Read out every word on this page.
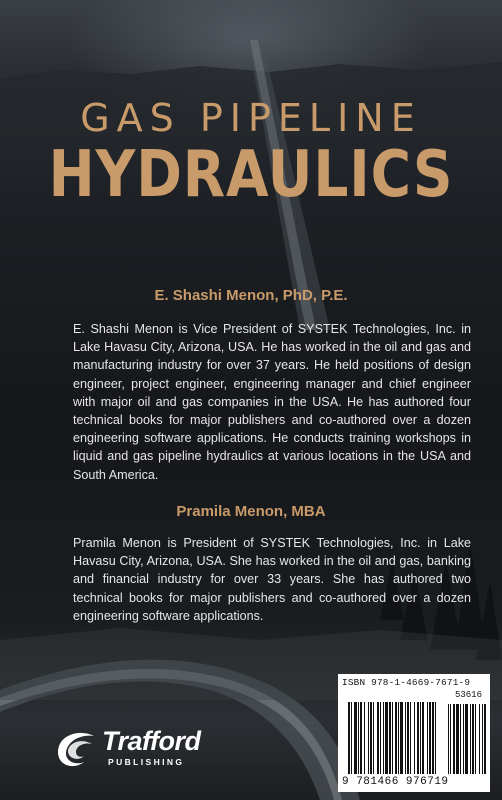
GAS PIPELINE
HYDRAULICS
E. Shashi Menon, PhD, P.E.

E. Shashi Menon is Vice President of SYSTEK Technologies, Inc. in Lake Havasu City, Arizona, USA. He has worked in the oil and gas and manufacturing industry for over 37 years. He held positions of design engineer, project engineer, engineering manager and chief engineer with major oil and gas companies in the USA. He has authored four technical books for major publishers and co-authored over a dozen engineering software applications. He conducts training workshops in liquid and gas pipeline hydraulics at various locations in the USA and South America.

Pramila Menon, MBA

Pramila Menon is President of SYSTEK Technologies, Inc. in Lake Havasu City, Arizona, USA. She has worked in the oil and gas, banking and financial industry for over 33 years. She has authored two technical books for major publishers and co-authored over a dozen engineering software applications.

Trafford
PUBLISHING
ISBN 978-1-4669-7671-9
53616
9 781466 976719
